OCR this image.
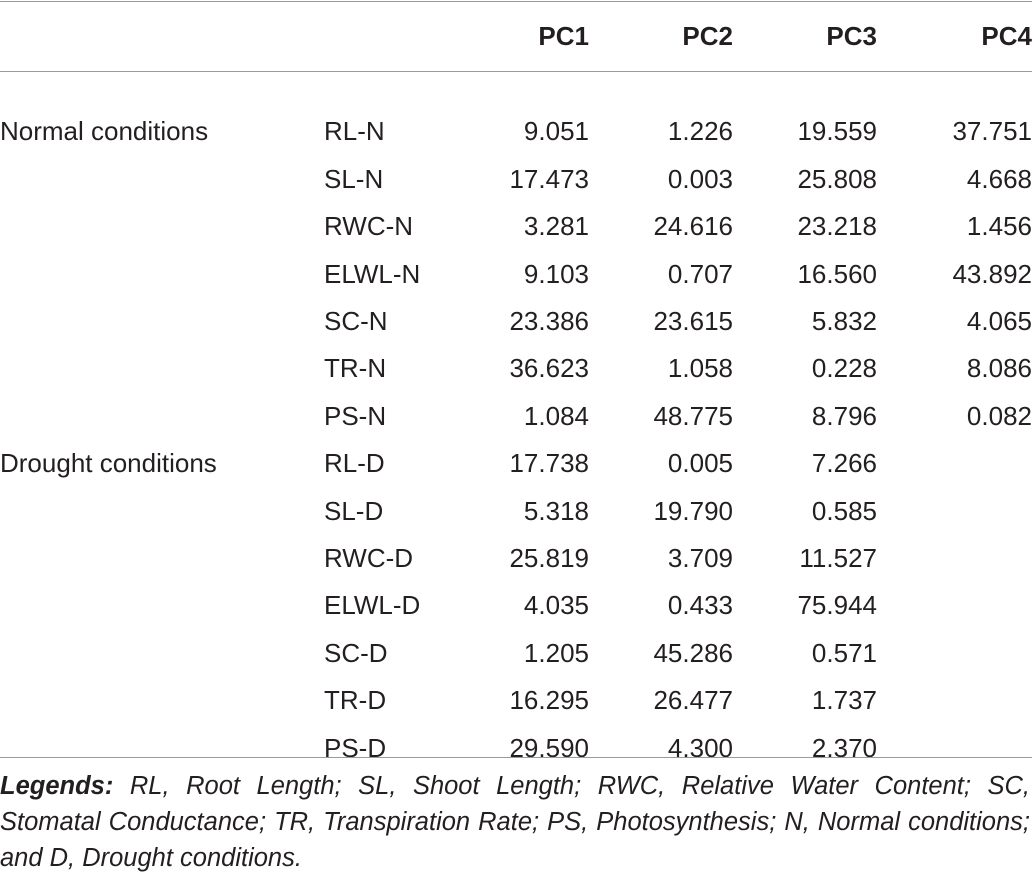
		PC1	PC2	PC3	PC4

Normal conditions	RL-N	9.051	1.226	19.559	37.751
	SL-N	17.473	0.003	25.808	4.668
	RWC-N	3.281	24.616	23.218	1.456
	ELWL-N	9.103	0.707	16.560	43.892
	SC-N	23.386	23.615	5.832	4.065
	TR-N	36.623	1.058	0.228	8.086
	PS-N	1.084	48.775	8.796	0.082
Drought conditions	RL-D	17.738	0.005	7.266	
	SL-D	5.318	19.790	0.585	
	RWC-D	25.819	3.709	11.527	
	ELWL-D	4.035	0.433	75.944	
	SC-D	1.205	45.286	0.571	
	TR-D	16.295	26.477	1.737	
	PS-D	29.590	4.300	2.370	
Legends: RL, Root Length; SL, Shoot Length; RWC, Relative Water Content; SC, Stomatal Conductance; TR, Transpiration Rate; PS, Photosynthesis; N, Normal conditions; and D, Drought conditions.
